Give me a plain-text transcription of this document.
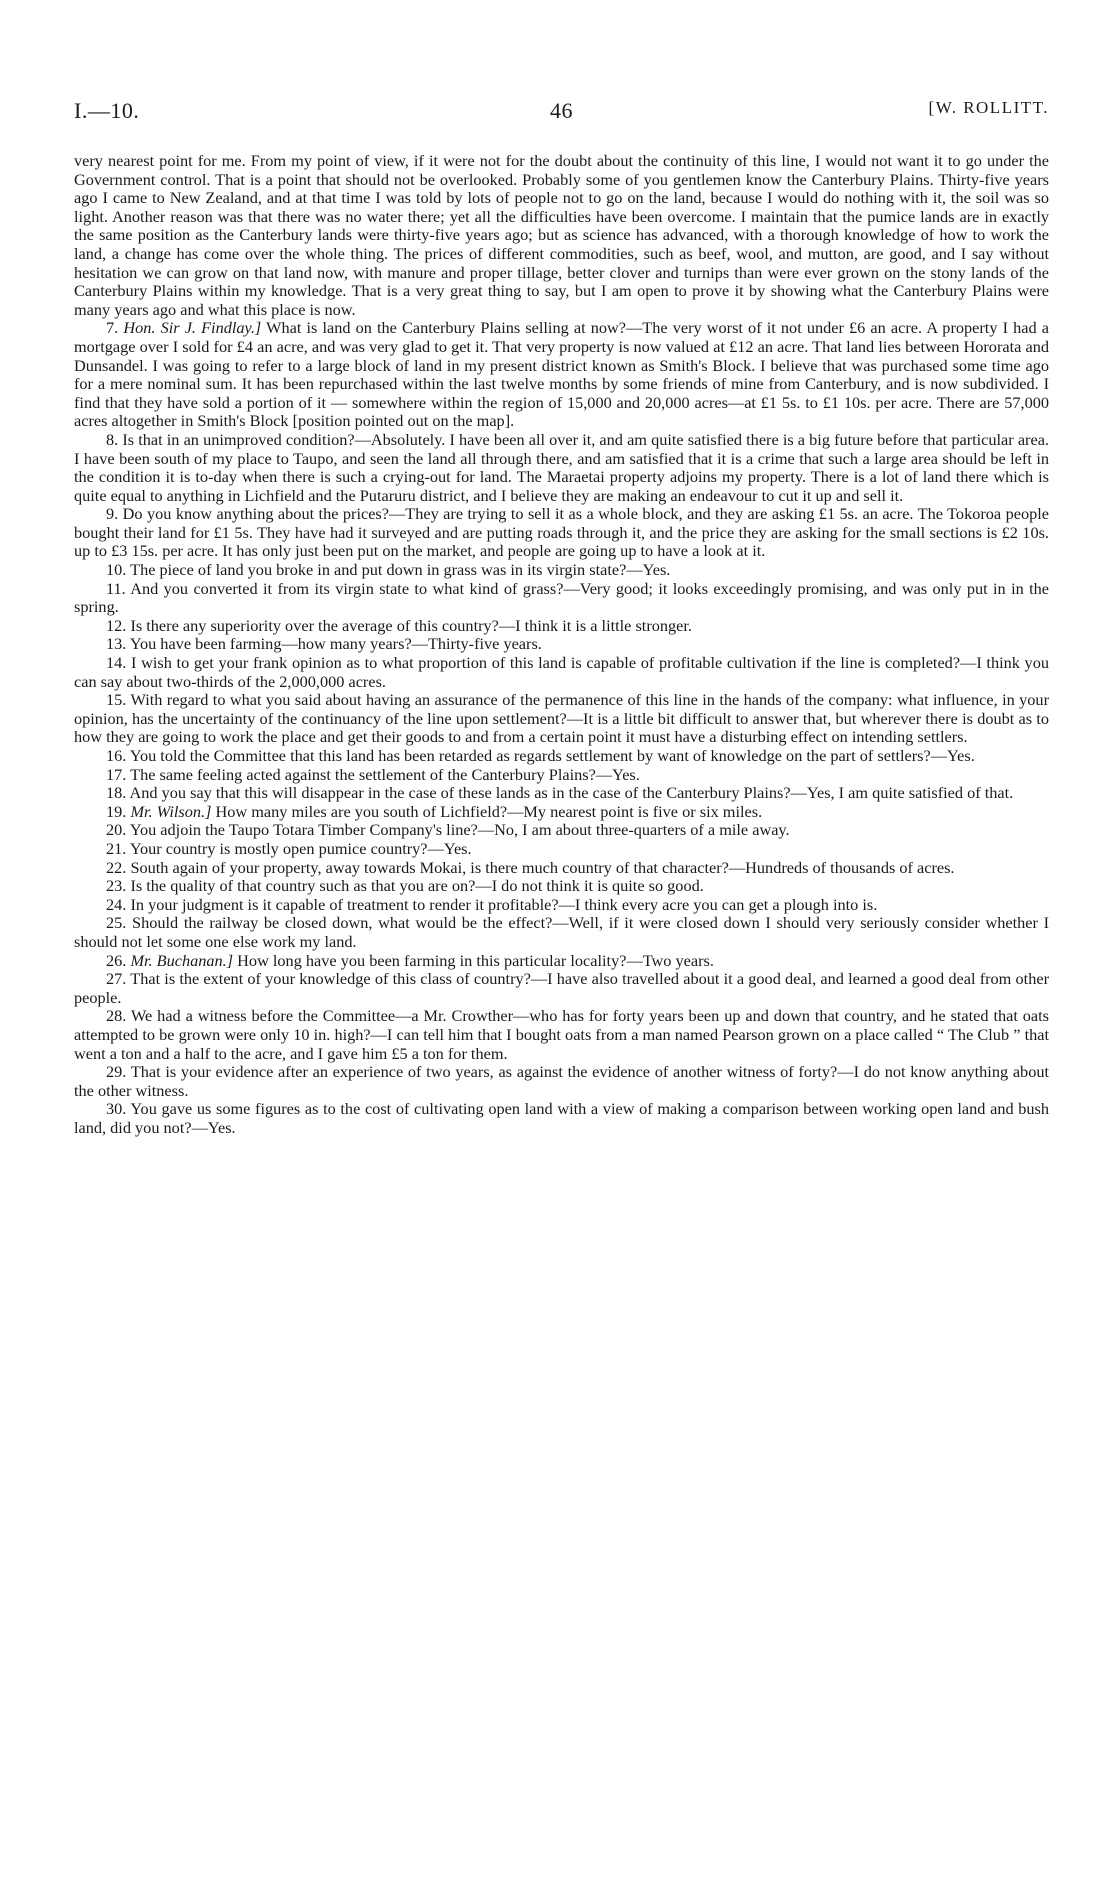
I.—10.	46	[W. ROLLITT.

very nearest point for me. From my point of view, if it were not for the doubt about the continuity of this line, I would not want it to go under the Government control. That is a point that should not be overlooked. Probably some of you gentlemen know the Canterbury Plains. Thirty-five years ago I came to New Zealand, and at that time I was told by lots of people not to go on the land, because I would do nothing with it, the soil was so light. Another reason was that there was no water there; yet all the difficulties have been overcome. I maintain that the pumice lands are in exactly the same position as the Canterbury lands were thirty-five years ago; but as science has advanced, with a thorough knowledge of how to work the land, a change has come over the whole thing. The prices of different commodities, such as beef, wool, and mutton, are good, and I say without hesitation we can grow on that land now, with manure and proper tillage, better clover and turnips than were ever grown on the stony lands of the Canterbury Plains within my knowledge. That is a very great thing to say, but I am open to prove it by showing what the Canterbury Plains were many years ago and what this place is now.

7. Hon. Sir J. Findlay.] What is land on the Canterbury Plains selling at now?—The very worst of it not under £6 an acre. A property I had a mortgage over I sold for £4 an acre, and was very glad to get it. That very property is now valued at £12 an acre. That land lies between Hororata and Dunsandel. I was going to refer to a large block of land in my present district known as Smith's Block. I believe that was purchased some time ago for a mere nominal sum. It has been repurchased within the last twelve months by some friends of mine from Canterbury, and is now subdivided. I find that they have sold a portion of it — somewhere within the region of 15,000 and 20,000 acres—at £1 5s. to £1 10s. per acre. There are 57,000 acres altogether in Smith's Block [position pointed out on the map].

8. Is that in an unimproved condition?—Absolutely. I have been all over it, and am quite satisfied there is a big future before that particular area. I have been south of my place to Taupo, and seen the land all through there, and am satisfied that it is a crime that such a large area should be left in the condition it is to-day when there is such a crying-out for land. The Maraetai property adjoins my property. There is a lot of land there which is quite equal to anything in Lichfield and the Putaruru district, and I believe they are making an endeavour to cut it up and sell it.

9. Do you know anything about the prices?—They are trying to sell it as a whole block, and they are asking £1 5s. an acre. The Tokoroa people bought their land for £1 5s. They have had it surveyed and are putting roads through it, and the price they are asking for the small sections is £2 10s. up to £3 15s. per acre. It has only just been put on the market, and people are going up to have a look at it.

10. The piece of land you broke in and put down in grass was in its virgin state?—Yes.

11. And you converted it from its virgin state to what kind of grass?—Very good; it looks exceedingly promising, and was only put in in the spring.

12. Is there any superiority over the average of this country?—I think it is a little stronger.

13. You have been farming—how many years?—Thirty-five years.

14. I wish to get your frank opinion as to what proportion of this land is capable of profitable cultivation if the line is completed?—I think you can say about two-thirds of the 2,000,000 acres.

15. With regard to what you said about having an assurance of the permanence of this line in the hands of the company: what influence, in your opinion, has the uncertainty of the continuancy of the line upon settlement?—It is a little bit difficult to answer that, but wherever there is doubt as to how they are going to work the place and get their goods to and from a certain point it must have a disturbing effect on intending settlers.

16. You told the Committee that this land has been retarded as regards settlement by want of knowledge on the part of settlers?—Yes.

17. The same feeling acted against the settlement of the Canterbury Plains?—Yes.

18. And you say that this will disappear in the case of these lands as in the case of the Canterbury Plains?—Yes, I am quite satisfied of that.

19. Mr. Wilson.] How many miles are you south of Lichfield?—My nearest point is five or six miles.

20. You adjoin the Taupo Totara Timber Company's line?—No, I am about three-quarters of a mile away.

21. Your country is mostly open pumice country?—Yes.

22. South again of your property, away towards Mokai, is there much country of that character?—Hundreds of thousands of acres.

23. Is the quality of that country such as that you are on?—I do not think it is quite so good.

24. In your judgment is it capable of treatment to render it profitable?—I think every acre you can get a plough into is.

25. Should the railway be closed down, what would be the effect?—Well, if it were closed down I should very seriously consider whether I should not let some one else work my land.

26. Mr. Buchanan.] How long have you been farming in this particular locality?—Two years.

27. That is the extent of your knowledge of this class of country?—I have also travelled about it a good deal, and learned a good deal from other people.

28. We had a witness before the Committee—a Mr. Crowther—who has for forty years been up and down that country, and he stated that oats attempted to be grown were only 10 in. high?—I can tell him that I bought oats from a man named Pearson grown on a place called “ The Club ” that went a ton and a half to the acre, and I gave him £5 a ton for them.

29. That is your evidence after an experience of two years, as against the evidence of another witness of forty?—I do not know anything about the other witness.

30. You gave us some figures as to the cost of cultivating open land with a view of making a comparison between working open land and bush land, did you not?—Yes.
